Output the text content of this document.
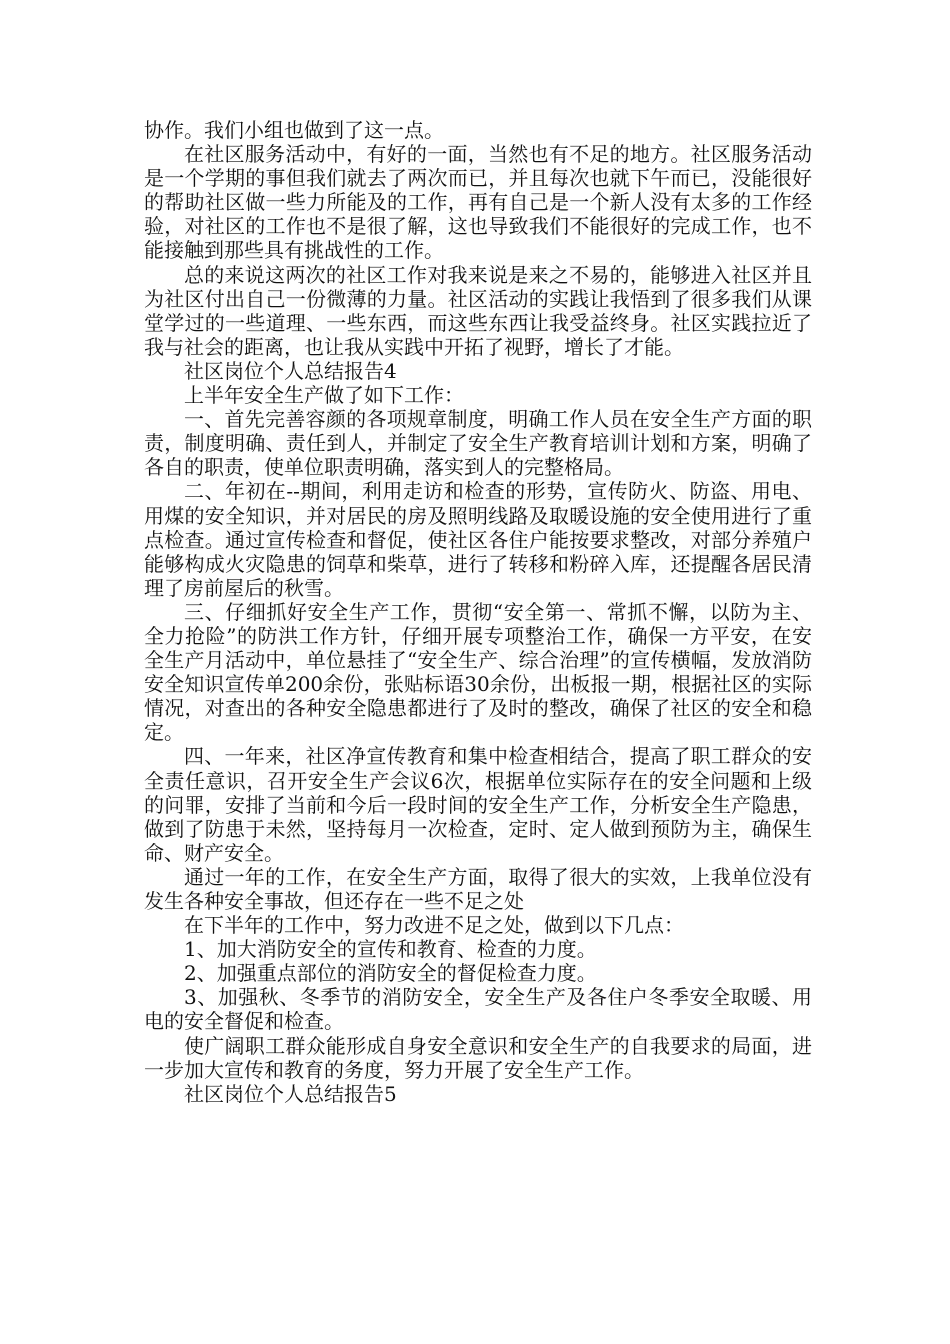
协作。我们小组也做到了这一点。

在社区服务活动中，有好的一面，当然也有不足的地方。社区服务活动是一个学期的事但我们就去了两次而已，并且每次也就下午而已，没能很好的帮助社区做一些力所能及的工作，再有自己是一个新人没有太多的工作经验，对社区的工作也不是很了解，这也导致我们不能很好的完成工作，也不能接触到那些具有挑战性的工作。

总的来说这两次的社区工作对我来说是来之不易的，能够进入社区并且为社区付出自己一份微薄的力量。社区活动的实践让我悟到了很多我们从课堂学过的一些道理、一些东西，而这些东西让我受益终身。社区实践拉近了我与社会的距离，也让我从实践中开拓了视野，增长了才能。

社区岗位个人总结报告4

上半年安全生产做了如下工作：

一、首先完善容颜的各项规章制度，明确工作人员在安全生产方面的职责，制度明确、责任到人，并制定了安全生产教育培训计划和方案，明确了各自的职责，使单位职责明确，落实到人的完整格局。

二、年初在--期间，利用走访和检查的形势，宣传防火、防盗、用电、用煤的安全知识，并对居民的房及照明线路及取暖设施的安全使用进行了重点检查。通过宣传检查和督促，使社区各住户能按要求整改，对部分养殖户能够构成火灾隐患的饲草和柴草，进行了转移和粉碎入库，还提醒各居民清理了房前屋后的秋雪。

三、仔细抓好安全生产工作，贯彻“安全第一、常抓不懈，以防为主、全力抢险”的防洪工作方针，仔细开展专项整治工作，确保一方平安，在安全生产月活动中，单位悬挂了“安全生产、综合治理”的宣传横幅，发放消防安全知识宣传单200余份，张贴标语30余份，出板报一期，根据社区的实际情况，对查出的各种安全隐患都进行了及时的整改，确保了社区的安全和稳定。

四、一年来，社区净宣传教育和集中检查相结合，提高了职工群众的安全责任意识，召开安全生产会议6次，根据单位实际存在的安全问题和上级的问罪，安排了当前和今后一段时间的安全生产工作，分析安全生产隐患，做到了防患于未然，坚持每月一次检查，定时、定人做到预防为主，确保生命、财产安全。

通过一年的工作，在安全生产方面，取得了很大的实效，上我单位没有发生各种安全事故，但还存在一些不足之处

在下半年的工作中，努力改进不足之处，做到以下几点：

1、加大消防安全的宣传和教育、检查的力度。

2、加强重点部位的消防安全的督促检查力度。

3、加强秋、冬季节的消防安全，安全生产及各住户冬季安全取暖、用电的安全督促和检查。

使广阔职工群众能形成自身安全意识和安全生产的自我要求的局面，进一步加大宣传和教育的务度，努力开展了安全生产工作。

社区岗位个人总结报告5
